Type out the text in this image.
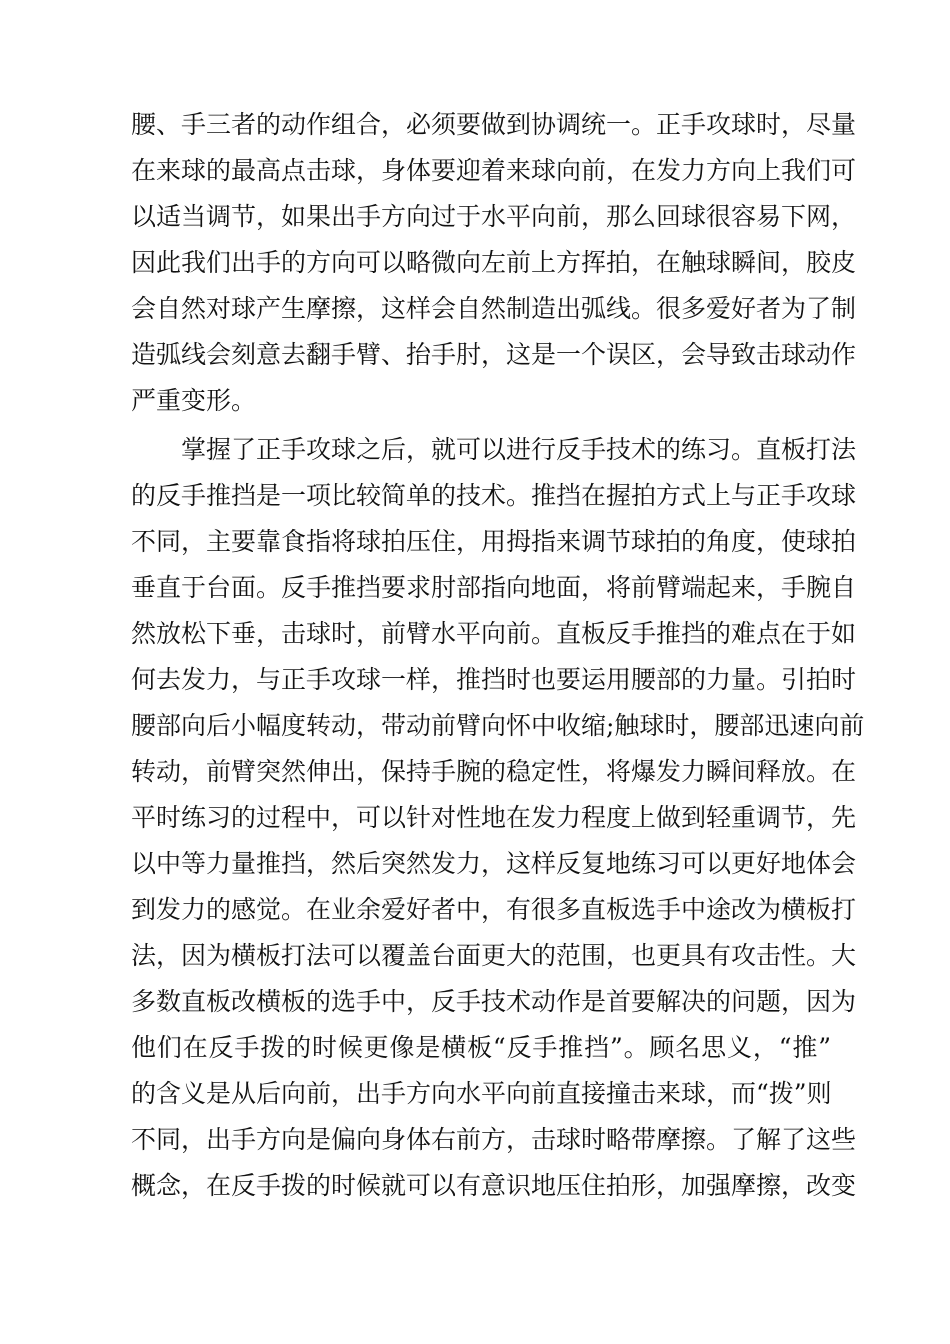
腰、手三者的动作组合，必须要做到协调统一。正手攻球时，尽量
在来球的最高点击球，身体要迎着来球向前，在发力方向上我们可
以适当调节，如果出手方向过于水平向前，那么回球很容易下网，
因此我们出手的方向可以略微向左前上方挥拍，在触球瞬间，胶皮
会自然对球产生摩擦，这样会自然制造出弧线。很多爱好者为了制
造弧线会刻意去翻手臂、抬手肘，这是一个误区，会导致击球动作
严重变形。
掌握了正手攻球之后，就可以进行反手技术的练习。直板打法
的反手推挡是一项比较简单的技术。推挡在握拍方式上与正手攻球
不同，主要靠食指将球拍压住，用拇指来调节球拍的角度，使球拍
垂直于台面。反手推挡要求肘部指向地面，将前臂端起来，手腕自
然放松下垂，击球时，前臂水平向前。直板反手推挡的难点在于如
何去发力，与正手攻球一样，推挡时也要运用腰部的力量。引拍时
腰部向后小幅度转动，带动前臂向怀中收缩;触球时，腰部迅速向前
转动，前臂突然伸出，保持手腕的稳定性，将爆发力瞬间释放。在
平时练习的过程中，可以针对性地在发力程度上做到轻重调节，先
以中等力量推挡，然后突然发力，这样反复地练习可以更好地体会
到发力的感觉。在业余爱好者中，有很多直板选手中途改为横板打
法，因为横板打法可以覆盖台面更大的范围，也更具有攻击性。大
多数直板改横板的选手中，反手技术动作是首要解决的问题，因为
他们在反手拨的时候更像是横板“反手推挡”。顾名思义，“推”
的含义是从后向前，出手方向水平向前直接撞击来球，而“拨”则
不同，出手方向是偏向身体右前方，击球时略带摩擦。了解了这些
概念，在反手拨的时候就可以有意识地压住拍形，加强摩擦，改变
